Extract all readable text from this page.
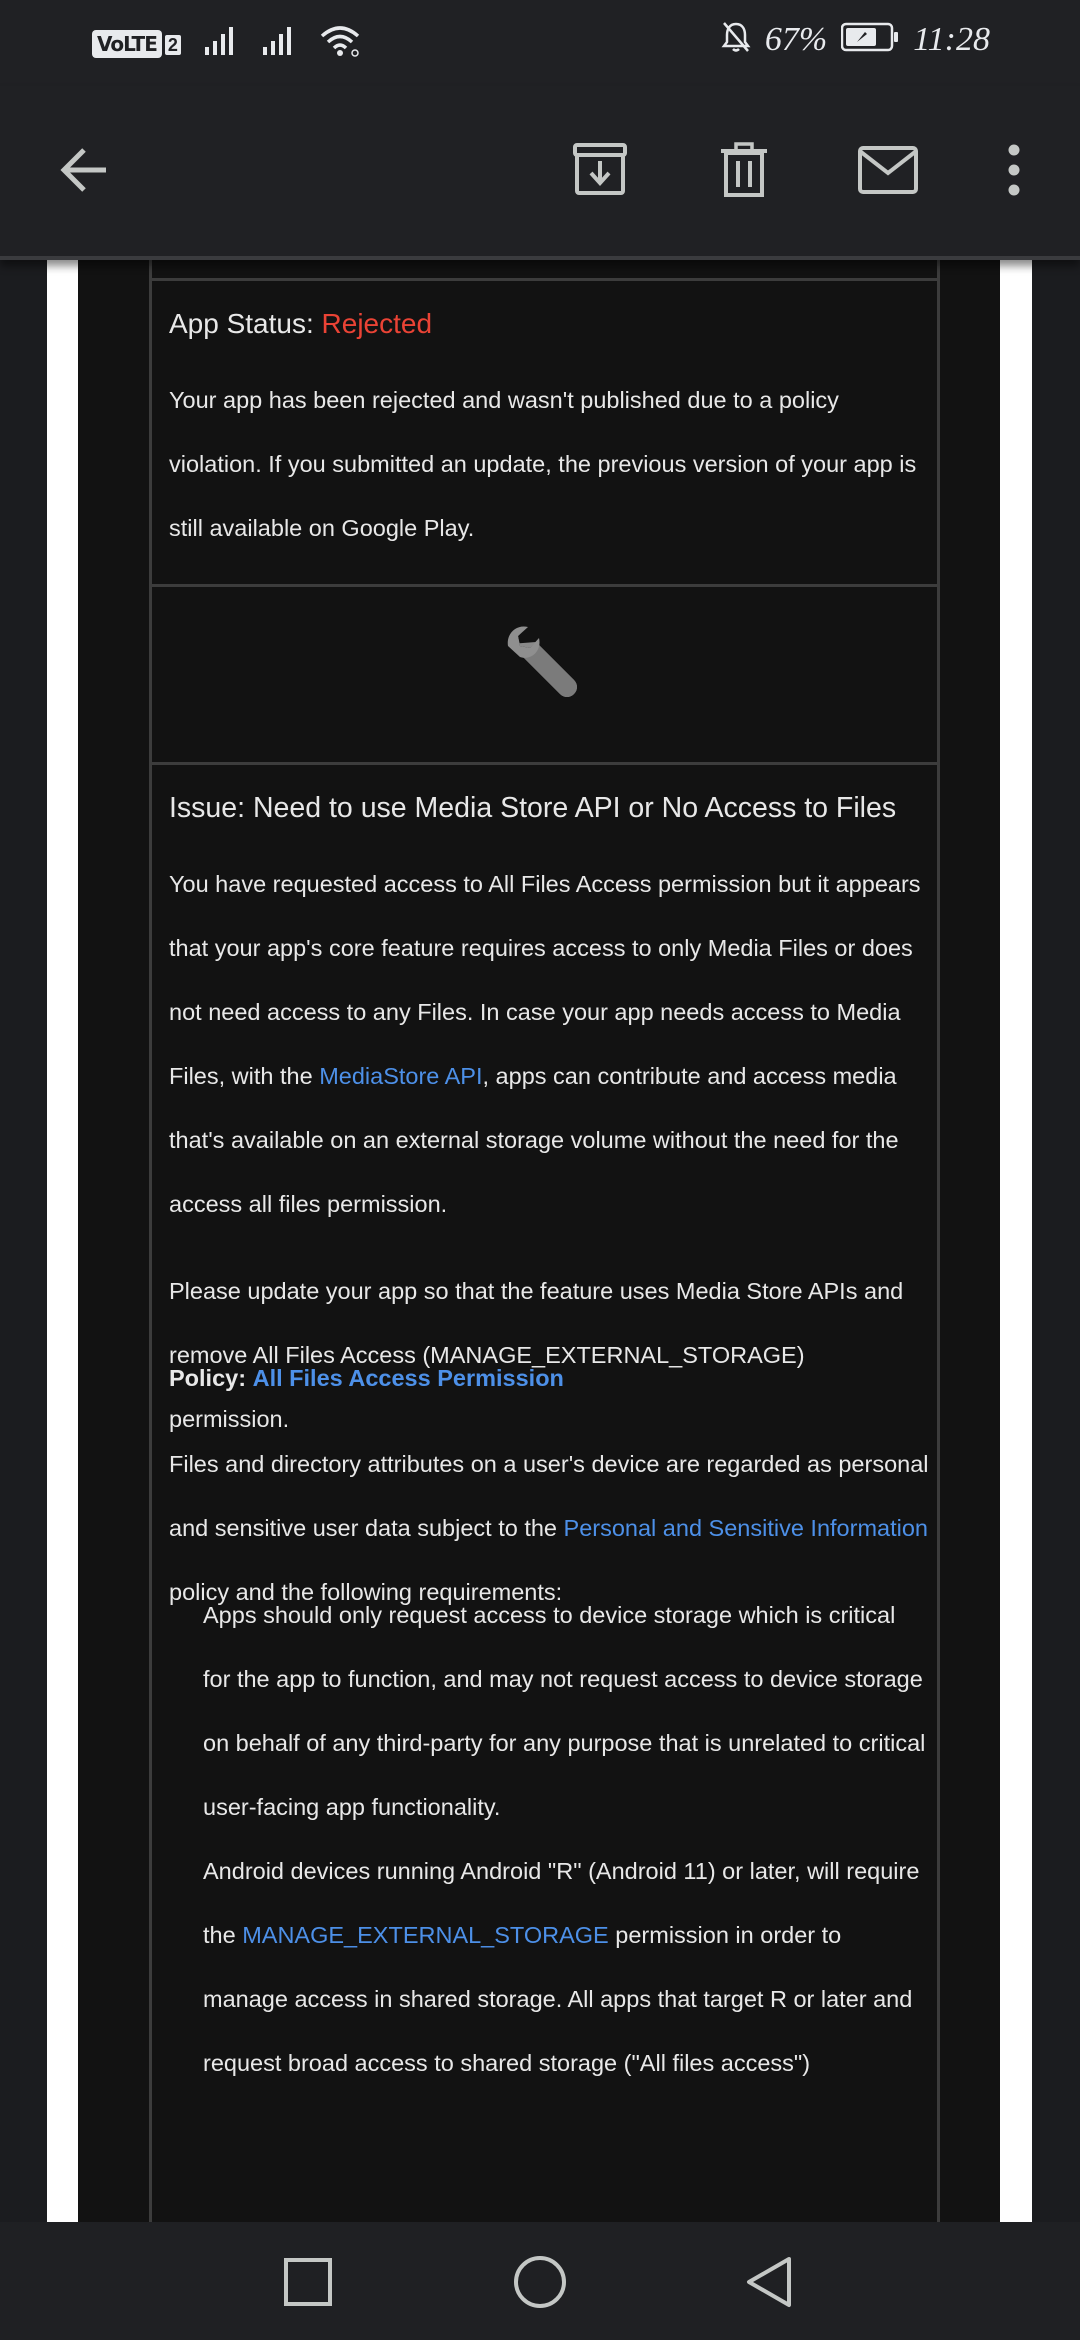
VoLTE 2	67%	11:28
App Status: Rejected
Your app has been rejected and wasn't published due to a policy violation. If you submitted an update, the previous version of your app is still available on Google Play.
Issue: Need to use Media Store API or No Access to Files
You have requested access to All Files Access permission but it appears that your app's core feature requires access to only Media Files or does not need access to any Files. In case your app needs access to Media Files, with the MediaStore API, apps can contribute and access media that's available on an external storage volume without the need for the access all files permission.
Please update your app so that the feature uses Media Store APIs and remove All Files Access (MANAGE_EXTERNAL_STORAGE) permission.
Policy: All Files Access Permission
Files and directory attributes on a user's device are regarded as personal and sensitive user data subject to the Personal and Sensitive Information policy and the following requirements:
Apps should only request access to device storage which is critical for the app to function, and may not request access to device storage on behalf of any third-party for any purpose that is unrelated to critical user-facing app functionality.
Android devices running Android "R" (Android 11) or later, will require the MANAGE_EXTERNAL_STORAGE permission in order to manage access in shared storage. All apps that target R or later and request broad access to shared storage ("All files access")
